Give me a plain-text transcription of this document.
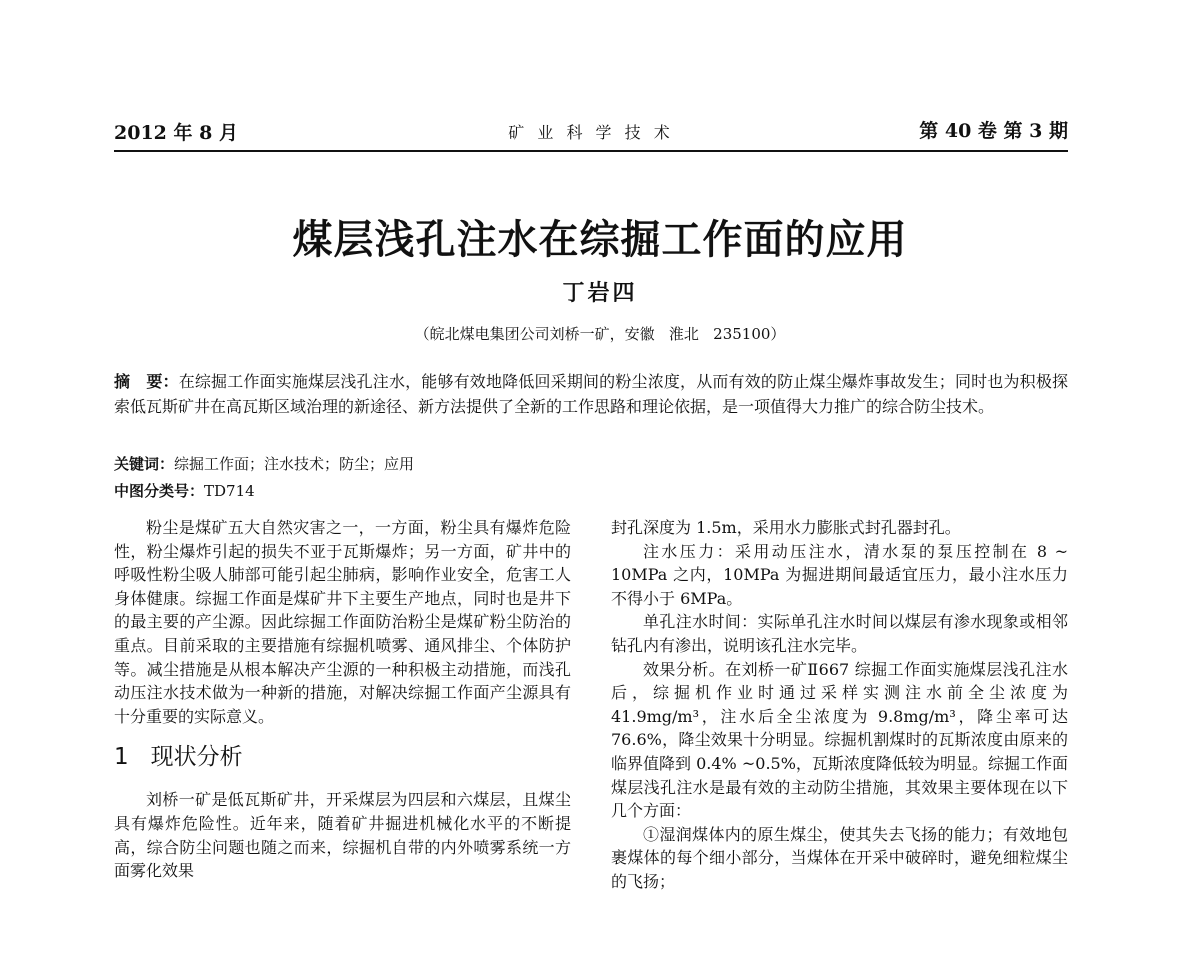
2012 年 8 月	矿 业 科 学 技 术	第 40 卷 第 3 期
煤层浅孔注水在综掘工作面的应用
丁岩四
（皖北煤电集团公司刘桥一矿，安徽   淮北   235100）
摘　要：在综掘工作面实施煤层浅孔注水，能够有效地降低回采期间的粉尘浓度，从而有效的防止煤尘爆炸事故发生；同时也为积极探索低瓦斯矿井在高瓦斯区域治理的新途径、新方法提供了全新的工作思路和理论依据，是一项值得大力推广的综合防尘技术。
关键词：综掘工作面；注水技术；防尘；应用
中图分类号：TD714

粉尘是煤矿五大自然灾害之一，一方面，粉尘具有爆炸危险性，粉尘爆炸引起的损失不亚于瓦斯爆炸；另一方面，矿井中的呼吸性粉尘吸人肺部可能引起尘肺病，影响作业安全，危害工人身体健康。综掘工作面是煤矿井下主要生产地点，同时也是井下的最主要的产尘源。因此综掘工作面防治粉尘是煤矿粉尘防治的重点。目前采取的主要措施有综掘机喷雾、通风排尘、个体防护等。减尘措施是从根本解决产尘源的一种积极主动措施，而浅孔动压注水技术做为一种新的措施，对解决综掘工作面产尘源具有十分重要的实际意义。

1 现状分析

刘桥一矿是低瓦斯矿井，开采煤层为四层和六煤层，且煤尘具有爆炸危险性。近年来，随着矿井掘进机械化水平的不断提高，综合防尘问题也随之而来，综掘机自带的内外喷雾系统一方面雾化效果

封孔深度为 1.5m，采用水力膨胀式封孔器封孔。

注水压力：采用动压注水，清水泵的泵压控制在 8 ~ 10MPa 之内，10MPa 为掘进期间最适宜压力，最小注水压力不得小于 6MPa。

单孔注水时间：实际单孔注水时间以煤层有渗水现象或相邻钻孔内有渗出，说明该孔注水完毕。

效果分析。在刘桥一矿Ⅱ667 综掘工作面实施煤层浅孔注水后，综掘机作业时通过采样实测注水前全尘浓度为 41.9mg/m³，注水后全尘浓度为 9.8mg/m³，降尘率可达 76.6%，降尘效果十分明显。综掘机割煤时的瓦斯浓度由原来的临界值降到 0.4% ~0.5%，瓦斯浓度降低较为明显。综掘工作面煤层浅孔注水是最有效的主动防尘措施，其效果主要体现在以下几个方面：

①湿润煤体内的原生煤尘，使其失去飞扬的能力；有效地包裹煤体的每个细小部分，当煤体在开采中破碎时，避免细粒煤尘的飞扬；
